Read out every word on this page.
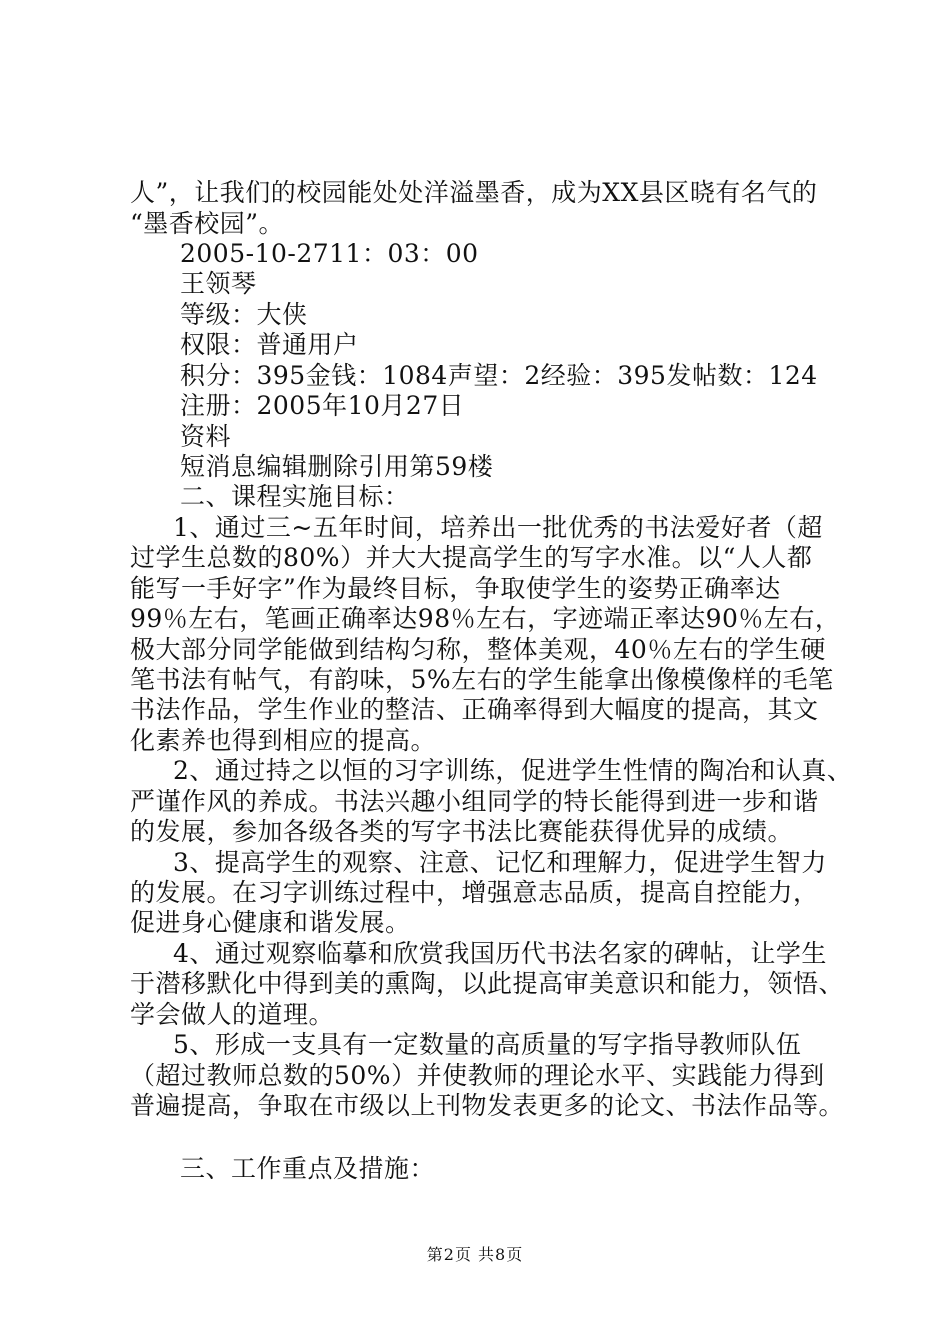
人”，让我们的校园能处处洋溢墨香，成为XX县区晓有名气的
“墨香校园”。
2005-10-2711：03：00
王领琴
等级：大侠
权限：普通用户
积分：395金钱：1084声望：2经验：395发帖数：124
注册：2005年10月27日
资料
短消息编辑删除引用第59楼
二、课程实施目标：
1、通过三~五年时间，培养出一批优秀的书法爱好者（超
过学生总数的80%）并大大提高学生的写字水准。以“人人都
能写一手好字”作为最终目标，争取使学生的姿势正确率达
99％左右，笔画正确率达98％左右，字迹端正率达90％左右，
极大部分同学能做到结构匀称，整体美观，40％左右的学生硬
笔书法有帖气，有韵味，5%左右的学生能拿出像模像样的毛笔
书法作品，学生作业的整洁、正确率得到大幅度的提高，其文
化素养也得到相应的提高。
2、通过持之以恒的习字训练，促进学生性情的陶冶和认真、
严谨作风的养成。书法兴趣小组同学的特长能得到进一步和谐
的发展，参加各级各类的写字书法比赛能获得优异的成绩。
3、提高学生的观察、注意、记忆和理解力，促进学生智力
的发展。在习字训练过程中，增强意志品质，提高自控能力，
促进身心健康和谐发展。
4、通过观察临摹和欣赏我国历代书法名家的碑帖，让学生
于潜移默化中得到美的熏陶，以此提高审美意识和能力，领悟、
学会做人的道理。
5、形成一支具有一定数量的高质量的写字指导教师队伍
（超过教师总数的50%）并使教师的理论水平、实践能力得到
普遍提高，争取在市级以上刊物发表更多的论文、书法作品等。
三、工作重点及措施：
第2页 共8页
